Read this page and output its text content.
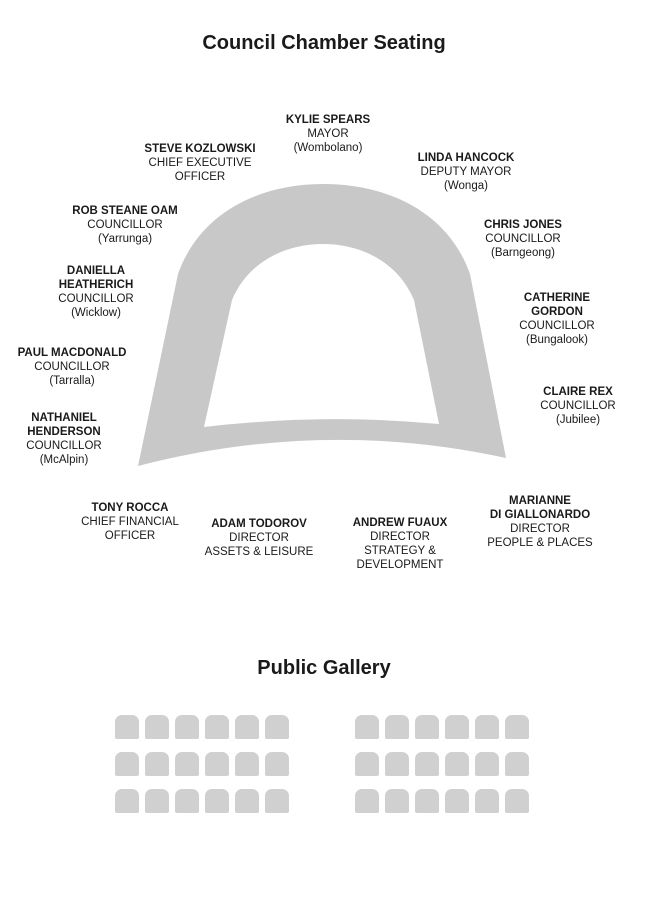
Council Chamber Seating
KYLIE SPEARS
MAYOR
(Wombolano)
STEVE KOZLOWSKI
CHIEF EXECUTIVE
OFFICER
LINDA HANCOCK
DEPUTY MAYOR
(Wonga)
ROB STEANE OAM
COUNCILLOR
(Yarrunga)
CHRIS JONES
COUNCILLOR
(Barngeong)
DANIELLA
HEATHERICH
COUNCILLOR
(Wicklow)
CATHERINE
GORDON
COUNCILLOR
(Bungalook)
PAUL MACDONALD
COUNCILLOR
(Tarralla)
CLAIRE REX
COUNCILLOR
(Jubilee)
NATHANIEL
HENDERSON
COUNCILLOR
(McAlpin)
TONY ROCCA
CHIEF FINANCIAL
OFFICER
ADAM TODOROV
DIRECTOR
ASSETS & LEISURE
ANDREW FUAUX
DIRECTOR
STRATEGY &
DEVELOPMENT
MARIANNE
DI GIALLONARDO
DIRECTOR
PEOPLE & PLACES
Public Gallery
